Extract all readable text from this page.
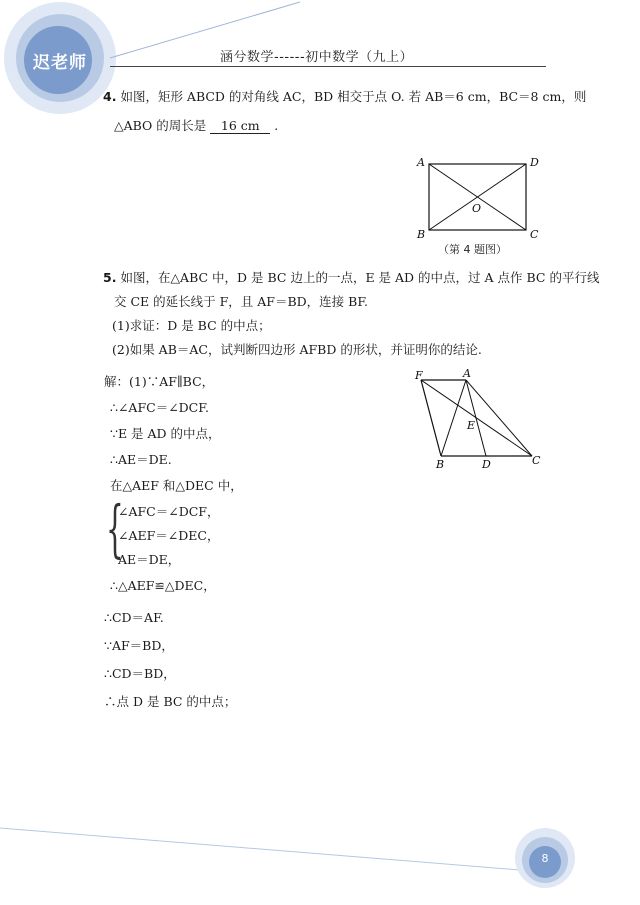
迟老师	涵兮数学------初中数学（九上）
4. 如图，矩形 ABCD 的对角线 AC，BD 相交于点 O. 若 AB＝6 cm，BC＝8 cm，则
△ABO 的周长是 16 cm .
A	D
B	C
O
（第 4 题图）
5. 如图，在△ABC 中，D 是 BC 边上的一点，E 是 AD 的中点，过 A 点作 BC 的平行线
交 CE 的延长线于 F，且 AF＝BD，连接 BF.
(1)求证：D 是 BC 的中点；
(2)如果 AB＝AC，试判断四边形 AFBD 的形状，并证明你的结论.
F	A
E
B	D	C
解：(1)∵AF∥BC，
∴∠AFC＝∠DCF.
∵E 是 AD 的中点，
∴AE＝DE.
在△AEF 和△DEC 中，
{
∠AFC＝∠DCF，
∠AEF＝∠DEC，
AE＝DE，
∴△AEF≌△DEC，
∴CD＝AF.
∵AF＝BD，
∴CD＝BD，
∴点 D 是 BC 的中点；
8
